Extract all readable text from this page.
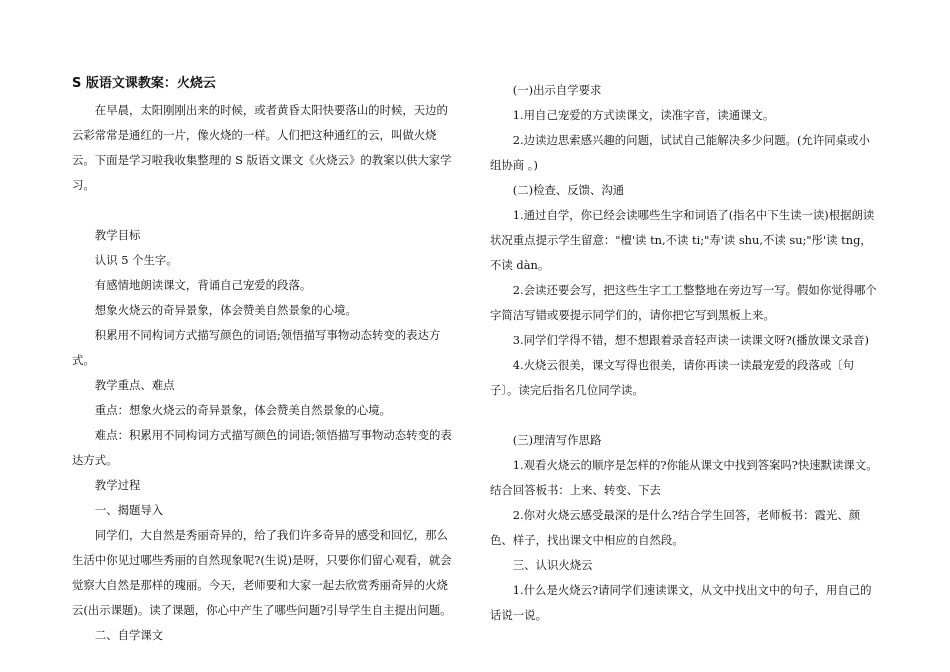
S 版语文课教案：火烧云

在早晨，太阳刚刚出来的时候，或者黄昏太阳快要落山的时候，天边的云彩常常是通红的一片，像火烧的一样。人们把这种通红的云，叫做火烧云。下面是学习啦我收集整理的 S 版语文课文《火烧云》的教案以供大家学习。

教学目标

认识 5 个生字。

有感情地朗读课文，背诵自己宠爱的段落。

想象火烧云的奇异景象，体会赞美自然景象的心境。

积累用不同构词方式描写颜色的词语;领悟描写事物动态转变的表达方式。

教学重点、难点

重点：想象火烧云的奇异景象，体会赞美自然景象的心境。

难点：积累用不同构词方式描写颜色的词语;领悟描写事物动态转变的表达方式。

教学过程

一、揭题导入

同学们，大自然是秀丽奇异的，给了我们许多奇异的感受和回忆，那么生活中你见过哪些秀丽的自然现象呢?(生说)是呀，只要你们留心观看，就会觉察大自然是那样的瑰丽。今天，老师要和大家一起去欣赏秀丽奇异的火烧云(出示课题)。读了课题，你心中产生了哪些问题?引导学生自主提出问题。

二、自学课文

(一)出示自学要求

1.用自己宠爱的方式读课文，读准字音，读通课文。

2.边读边思索感兴趣的问题，试试自己能解决多少问题。(允许同桌或小组协商 。)

(二)检查、反馈、沟通

1.通过自学，你已经会读哪些生字和词语了(指名中下生读一读)根据朗读状况重点提示学生留意："檀'读 tn,不读 ti;"寿'读 shu,不读 su;"彤'读 tng，不读 dàn。

2.会读还要会写，把这些生字工工整整地在旁边写一写。假如你觉得哪个字简洁写错或要提示同学们的，请你把它写到黑板上来。

3.同学们学得不错，想不想跟着录音轻声读一读课文呀?(播放课文录音)

4.火烧云很美，课文写得也很美，请你再读一读最宠爱的段落或〔句子〕。读完后指名几位同学读。

(三)理清写作思路

1.观看火烧云的顺序是怎样的?你能从课文中找到答案吗?快速默读课文。结合回答板书：上来、转变、下去

2.你对火烧云感受最深的是什么?结合学生回答，老师板书：霞光、颜色、样子，找出课文中相应的自然段。

三、认识火烧云

1.什么是火烧云?请同学们速读课文，从文中找出文中的句子，用自己的话说一说。
